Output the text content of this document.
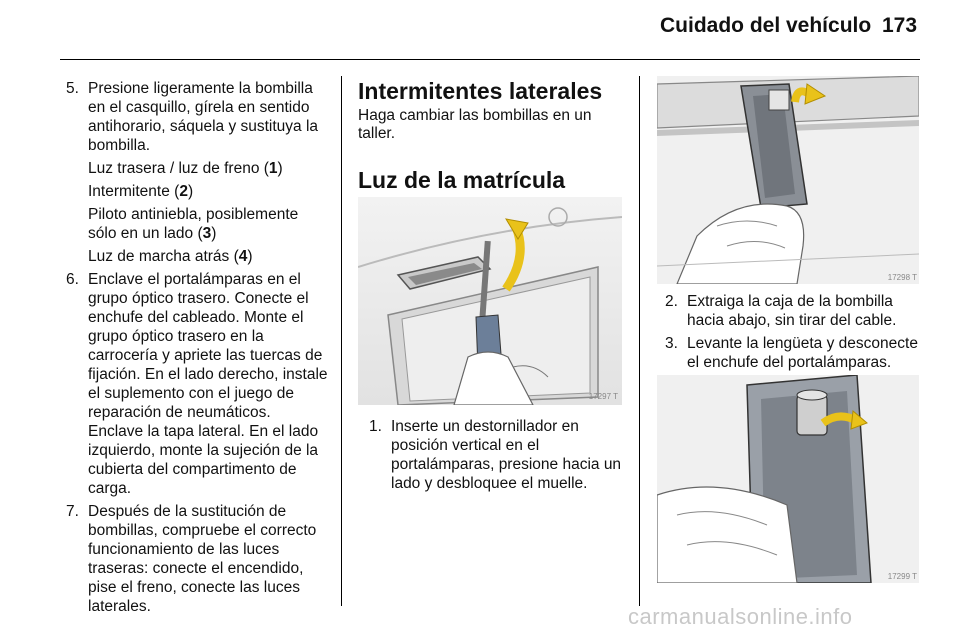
Cuidado del vehículo 173
5. Presione ligeramente la bombilla en el casquillo, gírela en sentido antihorario, sáquela y sustituya la bombilla.
Luz trasera / luz de freno (1)
Intermitente (2)
Piloto antiniebla, posiblemente sólo en un lado (3)
Luz de marcha atrás (4)
6. Enclave el portalámparas en el grupo óptico trasero. Conecte el enchufe del cableado. Monte el grupo óptico trasero en la carrocería y apriete las tuercas de fijación. En el lado derecho, instale el suplemento con el juego de reparación de neumáticos. Enclave la tapa lateral. En el lado izquierdo, monte la sujeción de la cubierta del compartimento de carga.
7. Después de la sustitución de bombillas, compruebe el correcto funcionamiento de las luces traseras: conecte el encendido, pise el freno, conecte las luces laterales.
Intermitentes laterales
Haga cambiar las bombillas en un taller.
Luz de la matrícula
17297 T
1. Inserte un destornillador en posición vertical en el portalámparas, presione hacia un lado y desbloquee el muelle.
17298 T
2. Extraiga la caja de la bombilla hacia abajo, sin tirar del cable.
3. Levante la lengüeta y desconecte el enchufe del portalámparas.
17299 T
carmanualsonline.info
